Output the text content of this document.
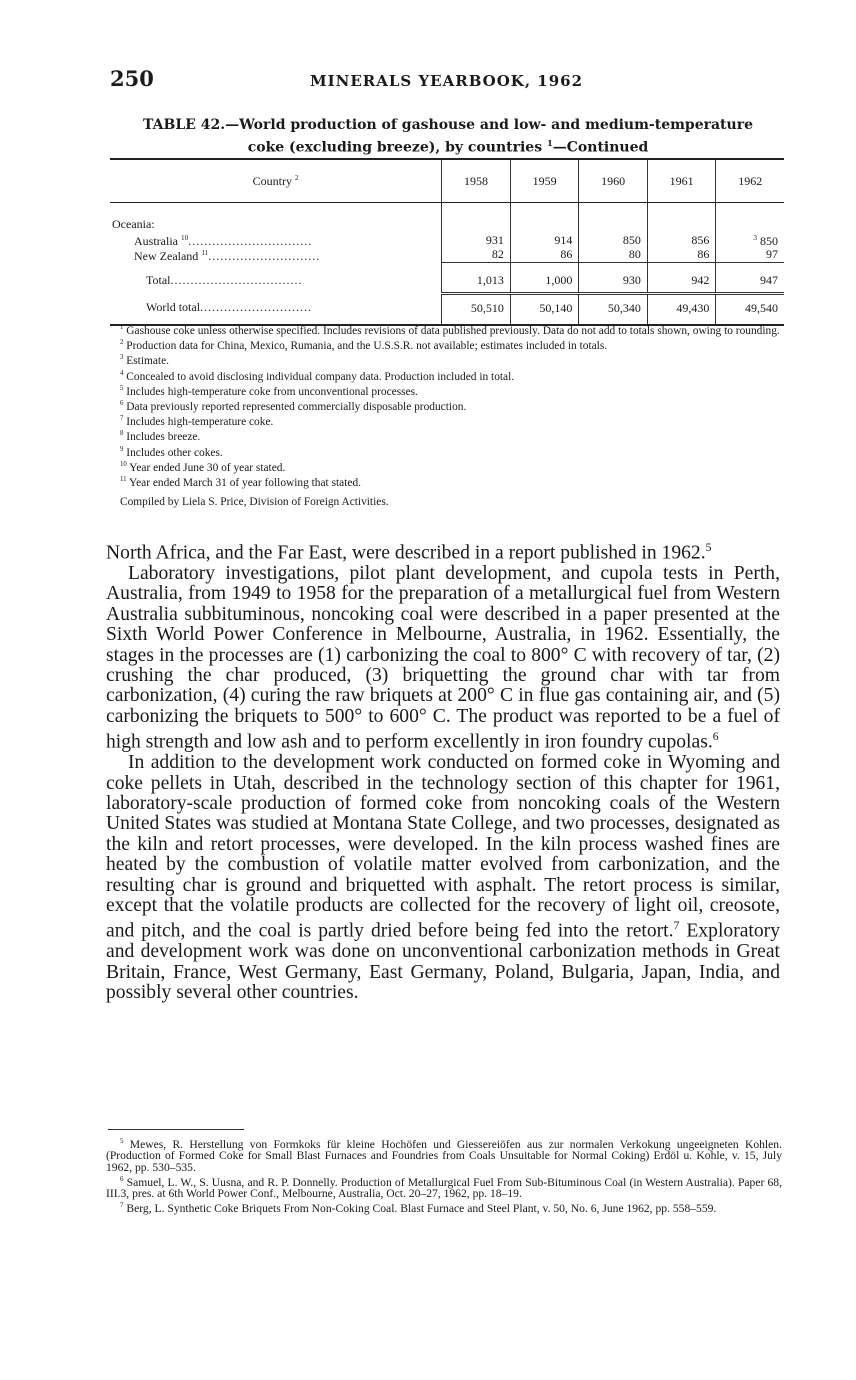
250	MINERALS YEARBOOK, 1962
TABLE 42.—World production of gashouse and low- and medium-temperature
coke (excluding breeze), by countries $^1$—Continued
Country $^2$	1958	1959	1960	1961	1962
Oceania:					
Australia $^{10}$...............................	931	914	850	856	$^3$ 850
New Zealand $^{11}$............................	82	86	80	86	97
Total.................................	1,013	1,000	930	942	947
World total............................	50,510	50,140	50,340	49,430	49,540

$^1$ Gashouse coke unless otherwise specified. Includes revisions of data published previously. Data do not add to totals shown, owing to rounding.

$^2$ Production data for China, Mexico, Rumania, and the U.S.S.R. not available; estimates included in totals.

$^3$ Estimate.

$^4$ Concealed to avoid disclosing individual company data. Production included in total.

$^5$ Includes high-temperature coke from unconventional processes.

$^6$ Data previously reported represented commercially disposable production.

$^7$ Includes high-temperature coke.

$^8$ Includes breeze.

$^9$ Includes other cokes.

$^{10}$ Year ended June 30 of year stated.

$^{11}$ Year ended March 31 of year following that stated.

Compiled by Liela S. Price, Division of Foreign Activities.

North Africa, and the Far East, were described in a report published in 1962.$^5$

Laboratory investigations, pilot plant development, and cupola tests in Perth, Australia, from 1949 to 1958 for the preparation of a metallurgical fuel from Western Australia subbituminous, noncoking coal were described in a paper presented at the Sixth World Power Conference in Melbourne, Australia, in 1962. Essentially, the stages in the processes are (1) carbonizing the coal to 800° C with recovery of tar, (2) crushing the char produced, (3) briquetting the ground char with tar from carbonization, (4) curing the raw briquets at 200° C in flue gas containing air, and (5) carbonizing the briquets to 500° to 600° C. The product was reported to be a fuel of high strength and low ash and to perform excellently in iron foundry cupolas.$^6$

In addition to the development work conducted on formed coke in Wyoming and coke pellets in Utah, described in the technology section of this chapter for 1961, laboratory-scale production of formed coke from noncoking coals of the Western United States was studied at Montana State College, and two processes, designated as the kiln and retort processes, were developed. In the kiln process washed fines are heated by the combustion of volatile matter evolved from carbonization, and the resulting char is ground and briquetted with asphalt. The retort process is similar, except that the volatile products are collected for the recovery of light oil, creosote, and pitch, and the coal is partly dried before being fed into the retort.$^7$ Exploratory and development work was done on unconventional carbonization methods in Great Britain, France, West Germany, East Germany, Poland, Bulgaria, Japan, India, and possibly several other countries.

$^5$ Mewes, R. Herstellung von Formkoks für kleine Hochöfen und Giessereiöfen aus zur normalen Verkokung ungeeigneten Kohlen. (Production of Formed Coke for Small Blast Furnaces and Foundries from Coals Unsuitable for Normal Coking) Erdöl u. Kohle, v. 15, July 1962, pp. 530–535.

$^6$ Samuel, L. W., S. Uusna, and R. P. Donnelly. Production of Metallurgical Fuel From Sub-Bituminous Coal (in Western Australia). Paper 68, III.3, pres. at 6th World Power Conf., Melbourne, Australia, Oct. 20–27, 1962, pp. 18–19.

$^7$ Berg, L. Synthetic Coke Briquets From Non-Coking Coal. Blast Furnace and Steel Plant, v. 50, No. 6, June 1962, pp. 558–559.
